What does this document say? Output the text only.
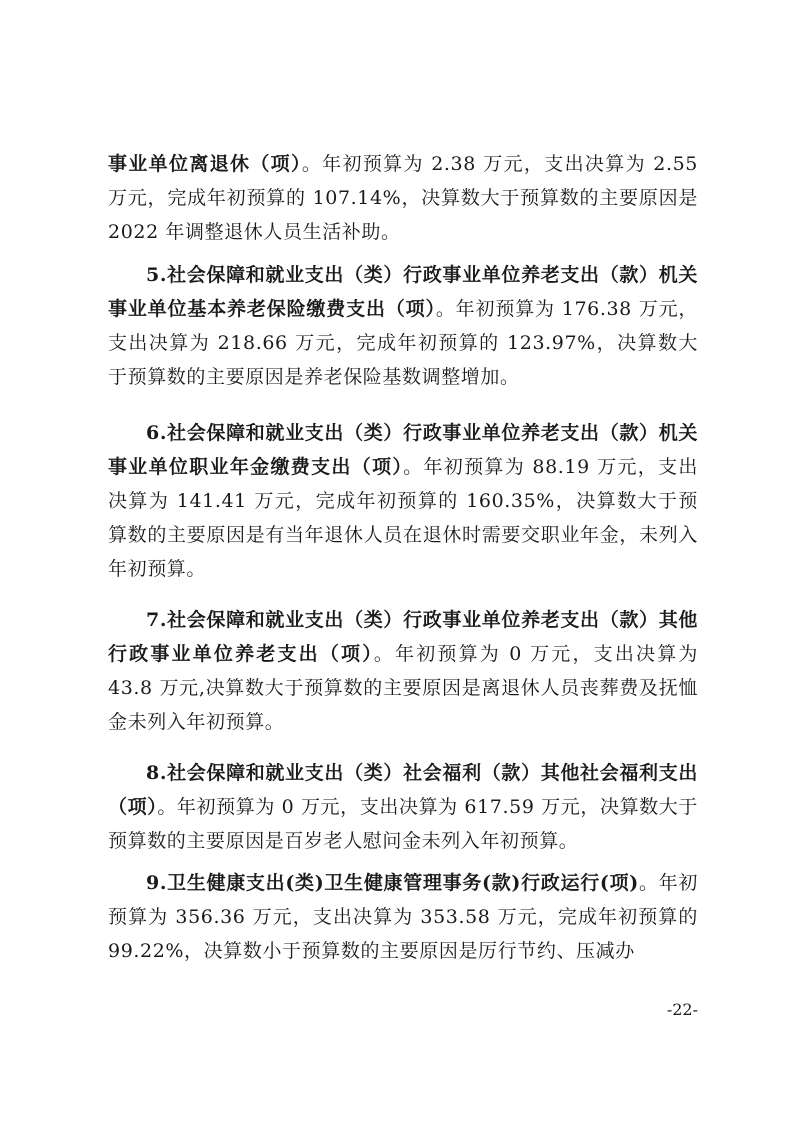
事业单位离退休（项）。年初预算为 2.38 万元，支出决算为 2.55 万元，完成年初预算的 107.14%，决算数大于预算数的主要原因是 2022 年调整退休人员生活补助。

5.社会保障和就业支出（类）行政事业单位养老支出（款）机关事业单位基本养老保险缴费支出（项）。年初预算为 176.38 万元，支出决算为 218.66 万元，完成年初预算的 123.97%，决算数大于预算数的主要原因是养老保险基数调整增加。

6.社会保障和就业支出（类）行政事业单位养老支出（款）机关事业单位职业年金缴费支出（项）。年初预算为 88.19 万元，支出决算为 141.41 万元，完成年初预算的 160.35%，决算数大于预算数的主要原因是有当年退休人员在退休时需要交职业年金，未列入年初预算。

7.社会保障和就业支出（类）行政事业单位养老支出（款）其他行政事业单位养老支出（项）。年初预算为 0 万元，支出决算为 43.8 万元,决算数大于预算数的主要原因是离退休人员丧葬费及抚恤金未列入年初预算。

8.社会保障和就业支出（类）社会福利（款）其他社会福利支出（项）。年初预算为 0 万元，支出决算为 617.59 万元，决算数大于预算数的主要原因是百岁老人慰问金未列入年初预算。

9.卫生健康支出(类)卫生健康管理事务(款)行政运行(项)。年初预算为 356.36 万元，支出决算为 353.58 万元，完成年初预算的 99.22%，决算数小于预算数的主要原因是厉行节约、压减办

-22-
